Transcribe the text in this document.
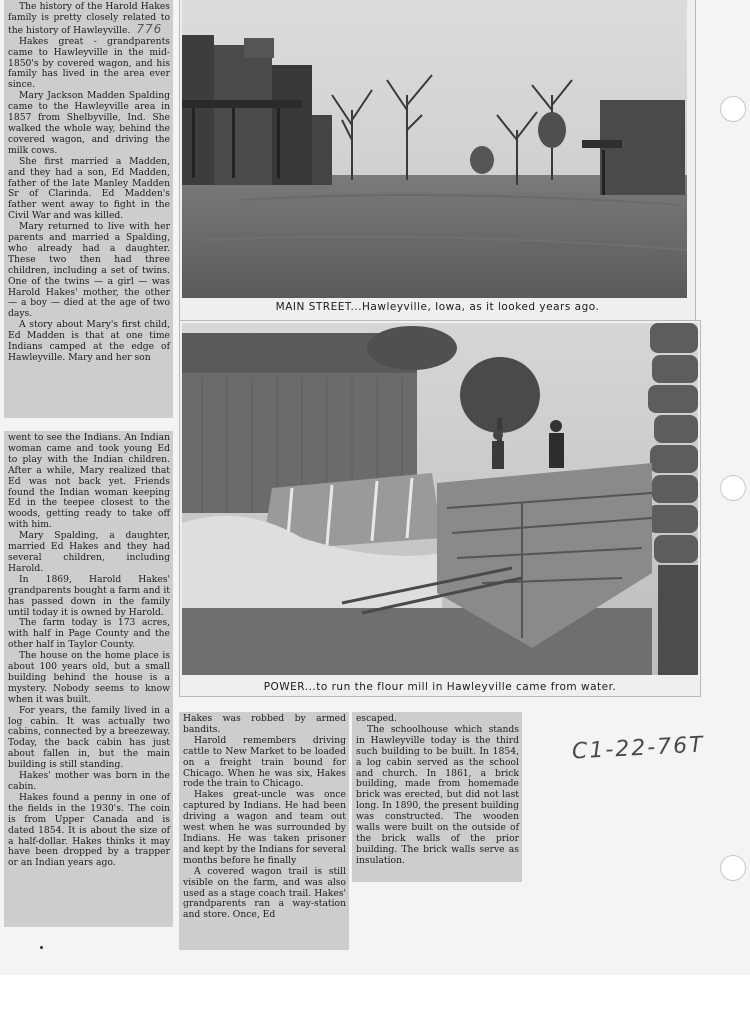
The history of the Harold Hakes family is pretty closely related to the history of Hawleyville. 776

Hakes great - grandparents came to Hawleyville in the mid-1850's by covered wagon, and his family has lived in the area ever since.

Mary Jackson Madden Spalding came to the Hawleyville area in 1857 from Shelbyville, Ind. She walked the whole way, behind the covered wagon, and driving the milk cows.

She first married a Madden, and they had a son, Ed Madden, father of the late Manley Madden Sr of Clarinda. Ed Madden's father went away to fight in the Civil War and was killed.

Mary returned to live with her parents and married a Spalding, who already had a daughter. These two then had three children, including a set of twins. One of the twins — a girl — was Harold Hakes' mother, the other — a boy — died at the age of two days.

A story about Mary's first child, Ed Madden is that at one time Indians camped at the edge of Hawleyville. Mary and her son

went to see the Indians. An Indian woman came and took young Ed to play with the Indian children. After a while, Mary realized that Ed was not back yet. Friends found the Indian woman keeping Ed in the teepee closest to the woods, getting ready to take off with him.

Mary Spalding, a daughter, married Ed Hakes and they had several children, including Harold.

In 1869, Harold Hakes' grandparents bought a farm and it has passed down in the family until today it is owned by Harold.

The farm today is 173 acres, with half in Page County and the other half in Taylor County.

The house on the home place is about 100 years old, but a small building behind the house is a mystery. Nobody seems to know when it was built.

For years, the family lived in a log cabin. It was actually two cabins, connected by a breezeway. Today, the back cabin has just about fallen in, but the main building is still standing.

Hakes' mother was born in the cabin.

Hakes found a penny in one of the fields in the 1930's. The coin is from Upper Canada and is dated 1854. It is about the size of a half-dollar. Hakes thinks it may have been dropped by a trapper or an Indian years ago.

MAIN STREET...Hawleyville, Iowa, as it looked years ago.
POWER...to run the flour mill in Hawleyville came from water.

Hakes was robbed by armed bandits.

Harold remembers driving cattle to New Market to be loaded on a freight train bound for Chicago. When he was six, Hakes rode the train to Chicago.

Hakes great-uncle was once captured by Indians. He had been driving a wagon and team out west when he was surrounded by Indians. He was taken prisoner and kept by the Indians for several months before he finally

A covered wagon trail is still visible on the farm, and was also used as a stage coach trail. Hakes' grandparents ran a way-station and store. Once, Ed

escaped.

The schoolhouse which stands in Hawleyville today is the third such building to be built. In 1854, a log cabin served as the school and church. In 1861, a brick building, made from homemade brick was erected, but did not last long. In 1890, the present building was constructed. The wooden walls were built on the outside of the brick walls of the prior building. The brick walls serve as insulation.

C1-22-76T
